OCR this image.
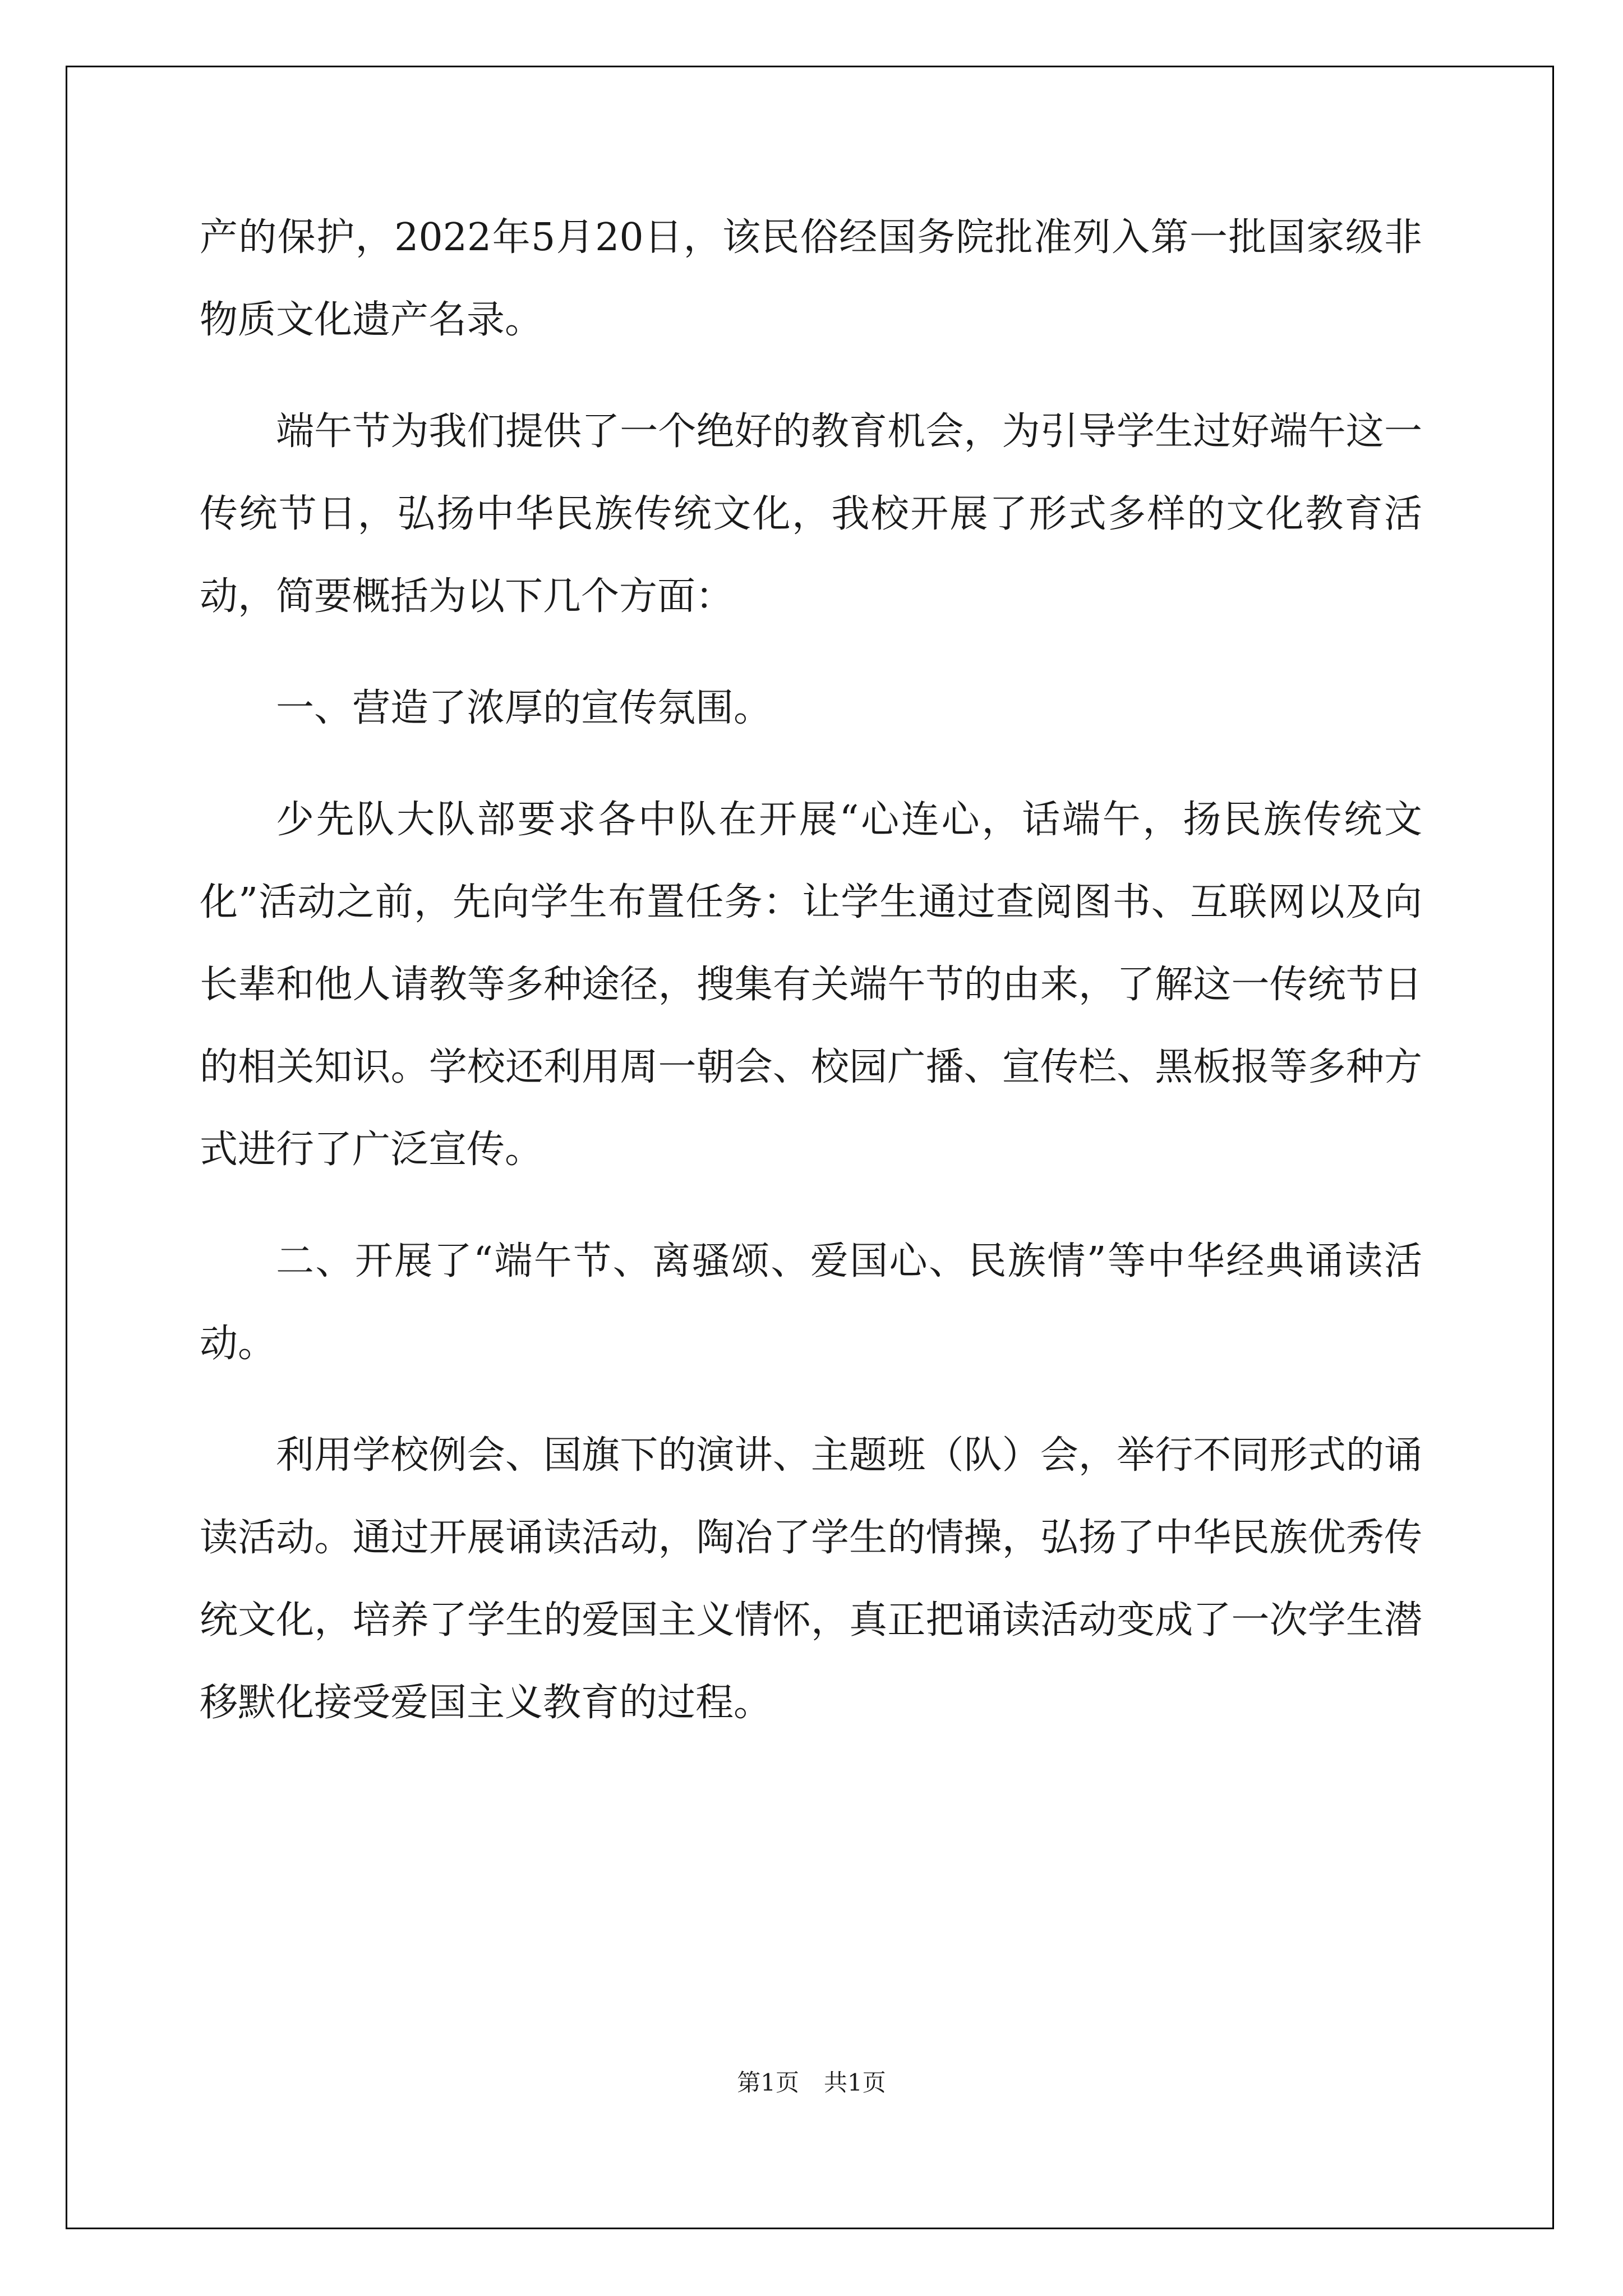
产的保护，2022年5月20日，该民俗经国务院批准列入第一批国家级非物质文化遗产名录。

端午节为我们提供了一个绝好的教育机会，为引导学生过好端午这一传统节日，弘扬中华民族传统文化，我校开展了形式多样的文化教育活动，简要概括为以下几个方面：

一、营造了浓厚的宣传氛围。

少先队大队部要求各中队在开展“心连心，话端午，扬民族传统文化”活动之前，先向学生布置任务：让学生通过查阅图书、互联网以及向长辈和他人请教等多种途径，搜集有关端午节的由来，了解这一传统节日的相关知识。学校还利用周一朝会、校园广播、宣传栏、黑板报等多种方式进行了广泛宣传。

二、开展了“端午节、离骚颂、爱国心、民族情”等中华经典诵读活动。

利用学校例会、国旗下的演讲、主题班（队）会，举行不同形式的诵读活动。通过开展诵读活动，陶冶了学生的情操，弘扬了中华民族优秀传统文化，培养了学生的爱国主义情怀，真正把诵读活动变成了一次学生潜移默化接受爱国主义教育的过程。

第1页 共1页
